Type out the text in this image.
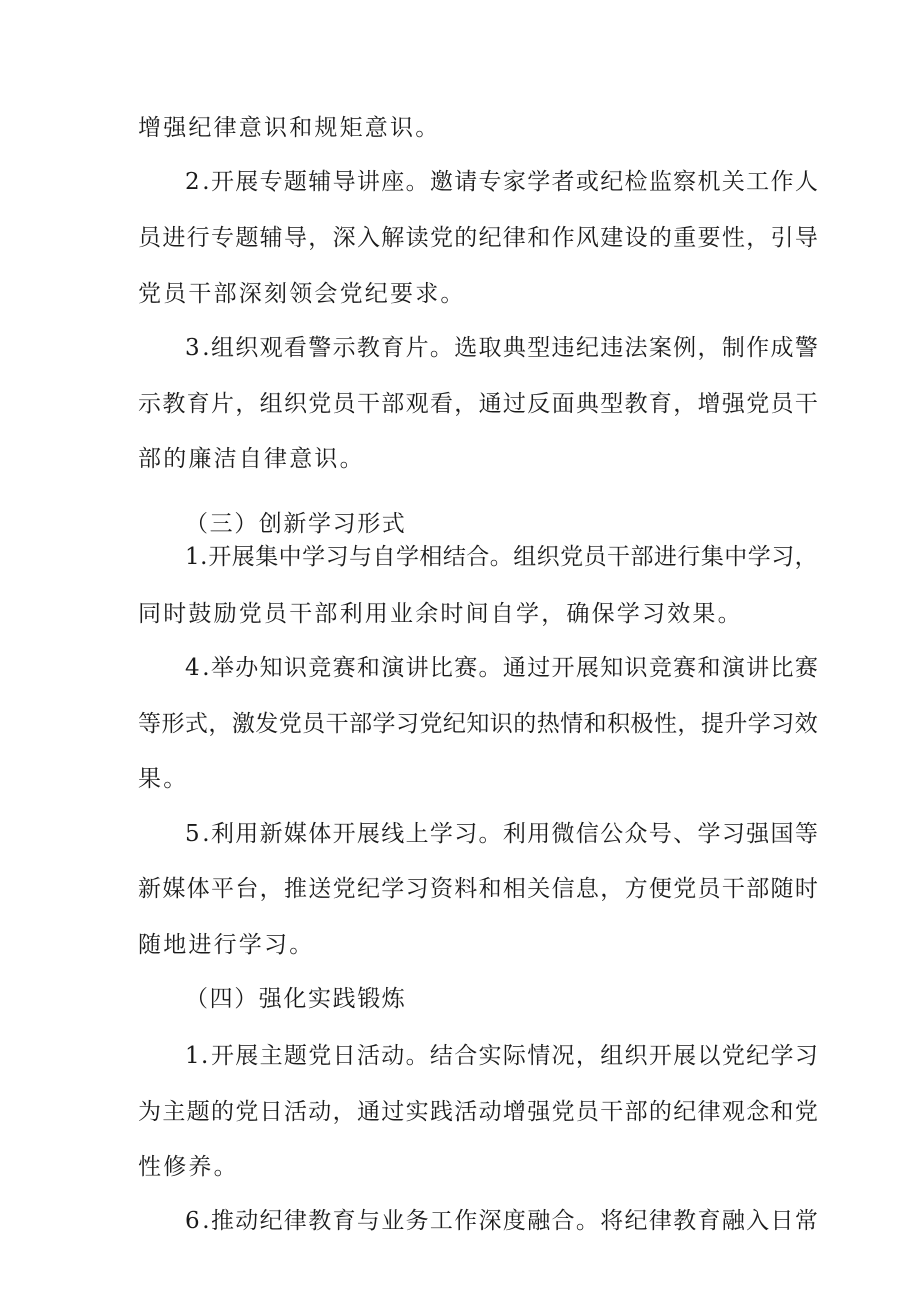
增强纪律意识和规矩意识。
2 . 开 展 专 题 辅 导 讲 座 。 邀 请 专 家 学 者 或 纪 检 监 察 机 关 工 作 人
员 进 行 专 题 辅 导 ， 深 入 解 读 党 的 纪 律 和 作 风 建 设 的 重 要 性 ， 引 导
党员干部深刻领会党纪要求。
3 . 组 织 观 看 警 示 教 育 片 。 选 取 典 型 违 纪 违 法 案 例 ， 制 作 成 警
示 教 育 片 ， 组 织 党 员 干 部 观 看 ， 通 过 反 面 典 型 教 育 ， 增 强 党 员 干
部的廉洁自律意识。
（三）创新学习形式
1 . 开 展 集 中 学 习 与 自 学 相 结 合 。 组 织 党 员 干 部 进 行 集 中 学 习 ，
同时鼓励党员干部利用业余时间自学，确保学习效果。
4 . 举 办 知 识 竞 赛 和 演 讲 比 赛 。 通 过 开 展 知 识 竞 赛 和 演 讲 比 赛
等 形 式 ， 激 发 党 员 干 部 学 习 党 纪 知 识 的 热 情 和 积 极 性 ， 提 升 学 习 效
果。
5 . 利 用 新 媒 体 开 展 线 上 学 习 。 利 用 微 信 公 众 号 、 学 习 强 国 等
新 媒 体 平 台 ， 推 送 党 纪 学 习 资 料 和 相 关 信 息 ， 方 便 党 员 干 部 随 时
随地进行学习。
（四）强化实践锻炼
1 . 开 展 主 题 党 日 活 动 。 结 合 实 际 情 况 ， 组 织 开 展 以 党 纪 学 习
为 主 题 的 党 日 活 动 ， 通 过 实 践 活 动 增 强 党 员 干 部 的 纪 律 观 念 和 党
性修养。
6 . 推 动 纪 律 教 育 与 业 务 工 作 深 度 融 合 。 将 纪 律 教 育 融 入 日 常
